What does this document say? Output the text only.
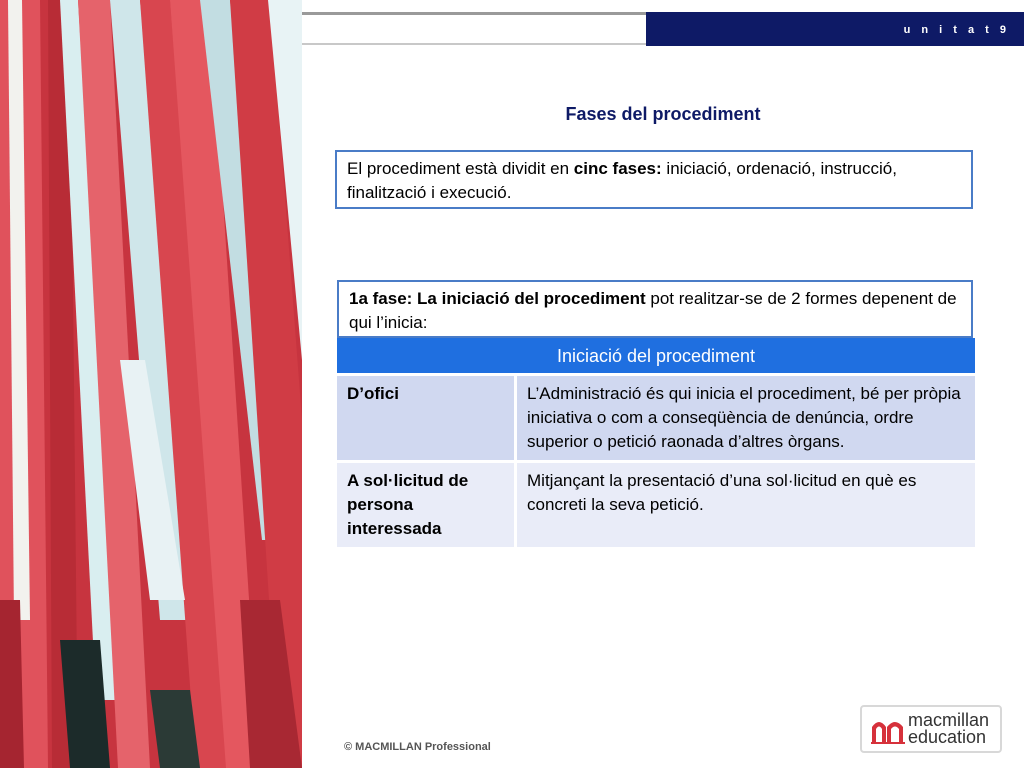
u n i t a t 9
Fases del procediment
El procediment està dividit en cinc fases: iniciació, ordenació, instrucció, finalització i execució.
1a fase: La iniciació del procediment pot realitzar-se de 2 formes depenent de qui l’inicia:
Iniciació del procediment	
D’ofici	L’Administració és qui inicia el procediment, bé per pròpia iniciativa o com a conseqüència de denúncia, ordre superior o petició raonada d’altres òrgans.
A sol·licitud de persona interessada	Mitjançant la presentació d’una sol·licitud en què es concreti la seva petició.
© MACMILLAN Professional
macmillan
education
